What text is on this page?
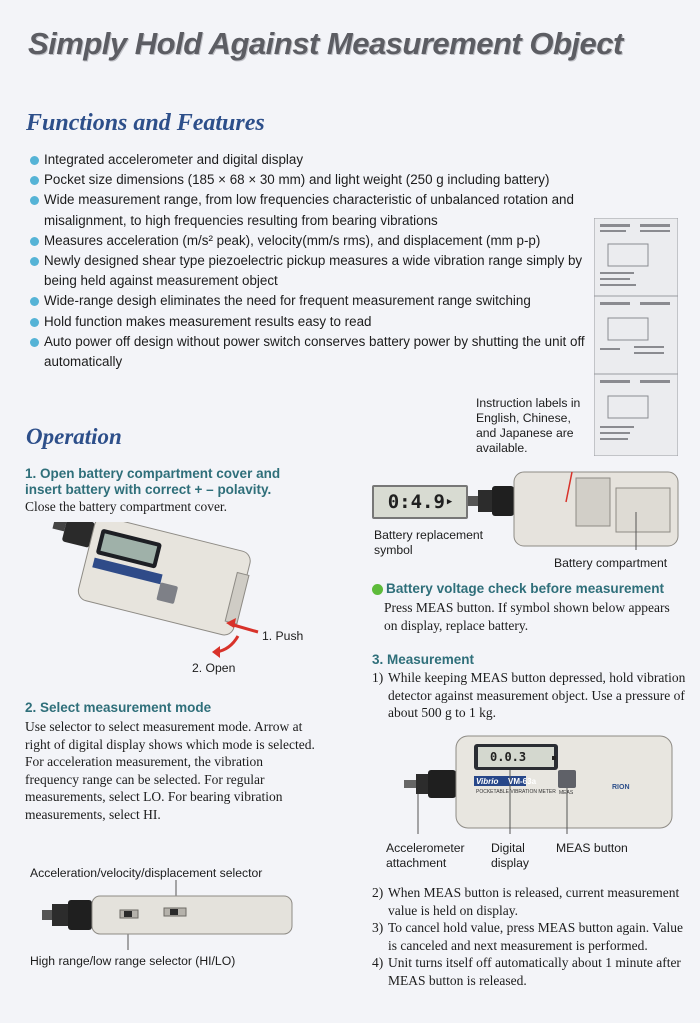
Simply Hold Against Measurement Object
Functions and Features
Integrated accelerometer and digital display
Pocket size dimensions (185 × 68 × 30 mm) and light weight (250 g including battery)
Wide measurement range, from low frequencies characteristic of unbalanced rotation and misalignment, to high frequencies resulting from bearing vibrations
Measures acceleration (m/s² peak), velocity(mm/s rms), and displacement (mm p-p)
Newly designed shear type piezoelectric pickup measures a wide vibration range simply by being held against measurement object
Wide-range desigh eliminates the need for frequent measurement range switching
Hold function makes measurement results easy to read
Auto power off design without power switch conserves battery power by shutting the unit off automatically
Operation
1. Open battery compartment cover and insert battery with correct + – polavity.
Close the battery compartment cover.
1. Push
2. Open
2. Select measurement mode
Use selector to select measurement mode. Arrow at right of digital display shows which mode is selected. For acceleration measurement, the vibration frequency range can be selected. For regular measurements, select LO. For bearing vibration measurements, select HI.
Acceleration/velocity/displacement selector
High range/low range selector (HI/LO)
Instruction labels in English, Chinese, and Japanese are available.
0:4.9 ▶
Battery replacement symbol
Battery compartment
Battery voltage check before measurement
Press MEAS button. If symbol shown below appears on display, replace battery.
3. Measurement
1) While keeping MEAS button depressed, hold vibration detector against measurement object. Use a pressure of about 500 g to 1 kg.
0.0.3
Vibrio VM-63a
POCKETABLE VIBRATION METER MEAS
RION
Accelerometer attachment
Digital display
MEAS button
2) When MEAS button is released, current measurement value is held on display.
3) To cancel hold value, press MEAS button again. Value is canceled and next measurement is performed.
4) Unit turns itself off automatically about 1 minute after MEAS button is released.
